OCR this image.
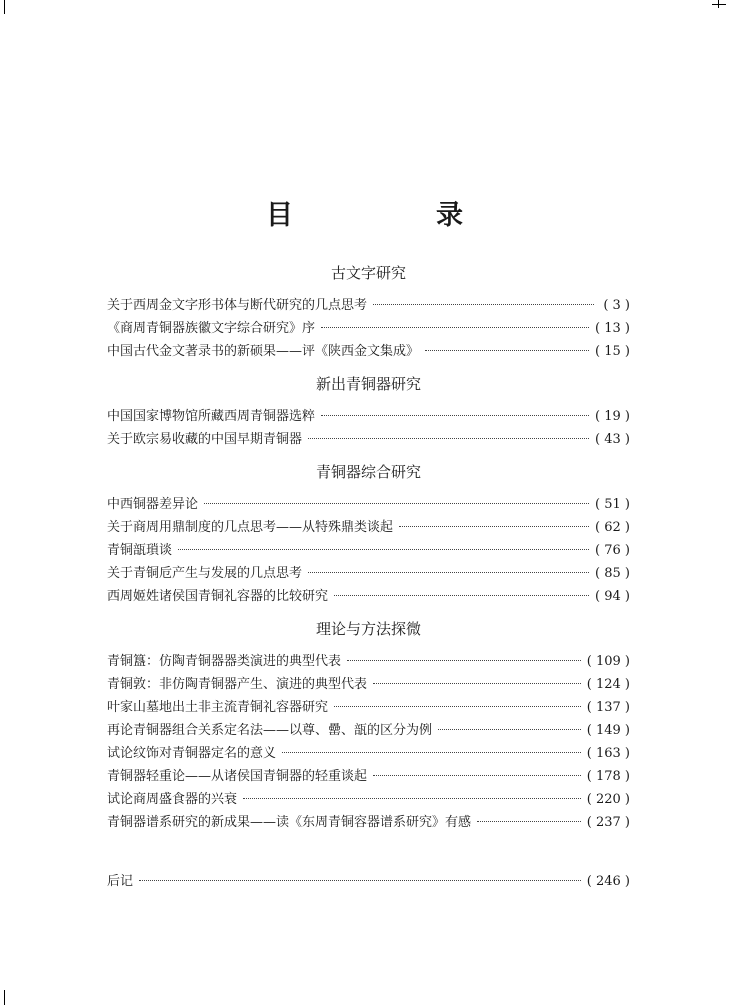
目　录
古文字研究
关于西周金文字形书体与断代研究的几点思考	( 3 )
《商周青铜器族徽文字综合研究》序	( 13 )
中国古代金文著录书的新硕果——评《陕西金文集成》	( 15 )
新出青铜器研究
中国国家博物馆所藏西周青铜器选粹	( 19 )
关于欧宗易收藏的中国早期青铜器	( 43 )
青铜器综合研究
中西铜器差异论	( 51 )
关于商周用鼎制度的几点思考——从特殊鼎类谈起	( 62 )
青铜瓿瑣谈	( 76 )
关于青铜卮产生与发展的几点思考	( 85 )
西周姬姓诸侯国青铜礼容器的比较研究	( 94 )
理论与方法探微
青铜簋：仿陶青铜器器类演进的典型代表	( 109 )
青铜敦：非仿陶青铜器产生、演进的典型代表	( 124 )
叶家山墓地出土非主流青铜礼容器研究	( 137 )
再论青铜器组合关系定名法——以尊、罍、瓿的区分为例	( 149 )
试论纹饰对青铜器定名的意义	( 163 )
青铜器轻重论——从诸侯国青铜器的轻重谈起	( 178 )
试论商周盛食器的兴衰	( 220 )
青铜器谱系研究的新成果——读《东周青铜容器谱系研究》有感	( 237 )
后记	( 246 )
